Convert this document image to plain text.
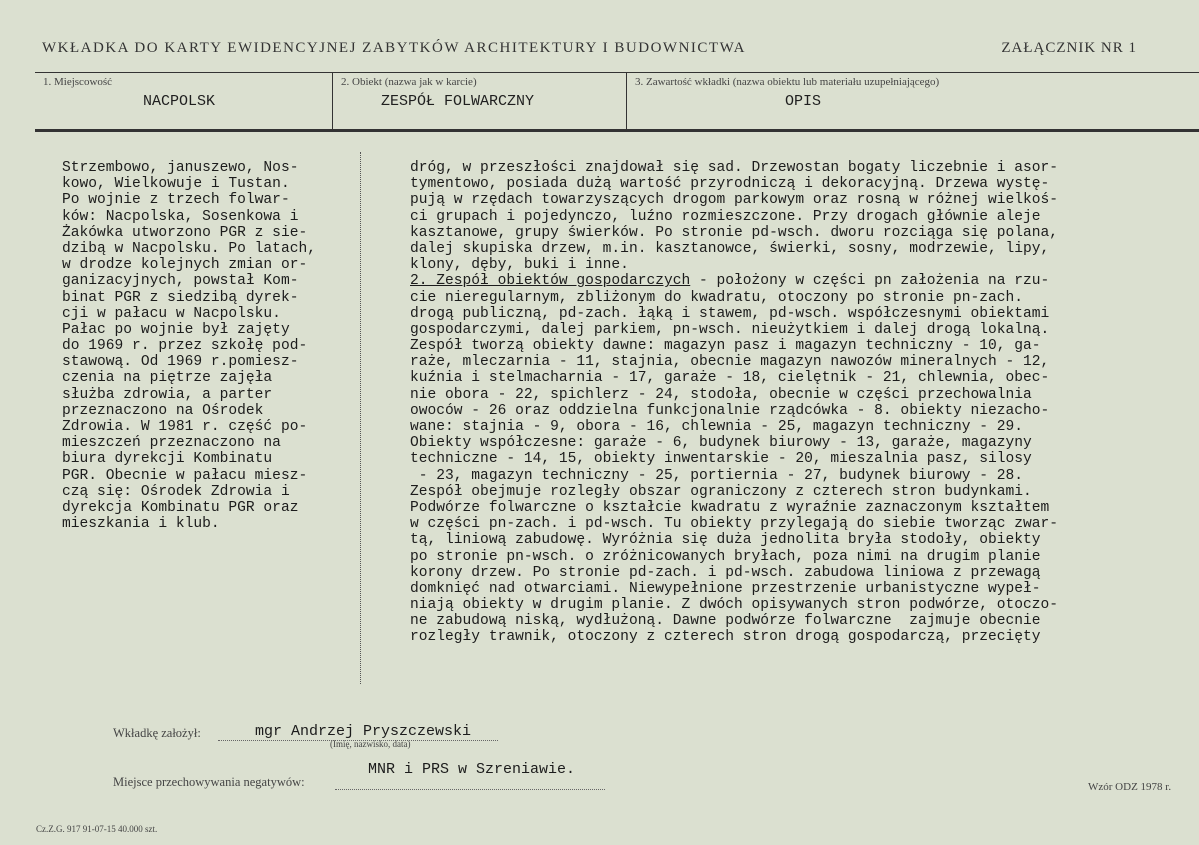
WKŁADKA DO KARTY EWIDENCYJNEJ ZABYTKÓW ARCHITEKTURY I BUDOWNICTWA	ZAŁĄCZNIK NR 1
1. Miejscowość
NACPOLSK
2. Obiekt (nazwa jak w karcie)
ZESPÓŁ FOLWARCZNY
3. Zawartość wkładki (nazwa obiektu lub materiału uzupełniającego)
OPIS
Strzembowo, januszewo, Nos-
kowo, Wielkowuje i Tustan.
Po wojnie z trzech folwar-
ków: Nacpolska, Sosenkowa i
Żakówka utworzono PGR z sie-
dzibą w Nacpolsku. Po latach,
w drodze kolejnych zmian or-
ganizacyjnych, powstał Kom-
binat PGR z siedzibą dyrek-
cji w pałacu w Nacpolsku.
Pałac po wojnie był zajęty
do 1969 r. przez szkołę pod-
stawową. Od 1969 r.pomiesz-
czenia na piętrze zajęła
służba zdrowia, a parter
przeznaczono na Ośrodek
Zdrowia. W 1981 r. część po-
mieszczeń przeznaczono na
biura dyrekcji Kombinatu
PGR. Obecnie w pałacu miesz-
czą się: Ośrodek Zdrowia i
dyrekcja Kombinatu PGR oraz
mieszkania i klub.
dróg, w przeszłości znajdował się sad. Drzewostan bogaty liczebnie i asor-
tymentowo, posiada dużą wartość przyrodniczą i dekoracyjną. Drzewa wystę-
pują w rzędach towarzyszących drogom parkowym oraz rosną w różnej wielkoś-
ci grupach i pojedynczo, luźno rozmieszczone. Przy drogach głównie aleje
kasztanowe, grupy świerków. Po stronie pd-wsch. dworu rozciąga się polana,
dalej skupiska drzew, m.in. kasztanowce, świerki, sosny, modrzewie, lipy,
klony, dęby, buki i inne.
2. Zespół obiektów gospodarczych - położony w części pn założenia na rzu-
cie nieregularnym, zbliżonym do kwadratu, otoczony po stronie pn-zach.
drogą publiczną, pd-zach. łąką i stawem, pd-wsch. współczesnymi obiektami
gospodarczymi, dalej parkiem, pn-wsch. nieużytkiem i dalej drogą lokalną.
Zespół tworzą obiekty dawne: magazyn pasz i magazyn techniczny - 10, ga-
raże, mleczarnia - 11, stajnia, obecnie magazyn nawozów mineralnych - 12,
kuźnia i stelmacharnia - 17, garaże - 18, cielętnik - 21, chlewnia, obec-
nie obora - 22, spichlerz - 24, stodoła, obecnie w części przechowalnia
owoców - 26 oraz oddzielna funkcjonalnie rządcówka - 8. obiekty niezacho-
wane: stajnia - 9, obora - 16, chlewnia - 25, magazyn techniczny - 29.
Obiekty współczesne: garaże - 6, budynek biurowy - 13, garaże, magazyny
techniczne - 14, 15, obiekty inwentarskie - 20, mieszalnia pasz, silosy
- 23, magazyn techniczny - 25, portiernia - 27, budynek biurowy - 28.
Zespół obejmuje rozległy obszar ograniczony z czterech stron budynkami.
Podwórze folwarczne o kształcie kwadratu z wyraźnie zaznaczonym kształtem
w części pn-zach. i pd-wsch. Tu obiekty przylegają do siebie tworząc zwar-
tą, liniową zabudowę. Wyróżnia się duża jednolita bryła stodoły, obiekty
po stronie pn-wsch. o zróżnicowanych bryłach, poza nimi na drugim planie
korony drzew. Po stronie pd-zach. i pd-wsch. zabudowa liniowa z przewagą
domknięć nad otwarciami. Niewypełnione przestrzenie urbanistyczne wypeł-
niają obiekty w drugim planie. Z dwóch opisywanych stron podwórze, otoczo-
ne zabudową niską, wydłużoną. Dawne podwórze folwarczne  zajmuje obecnie
rozległy trawnik, otoczony z czterech stron drogą gospodarczą, przecięty
Wkładkę założył:	mgr Andrzej Pryszczewski
(Imię, nazwisko, data)
Miejsce przechowywania negatywów:
MNR i PRS w Szreniawie.
Cz.Z.G. 917 91-07-15 40.000 szt.
Wzór ODZ 1978 r.
